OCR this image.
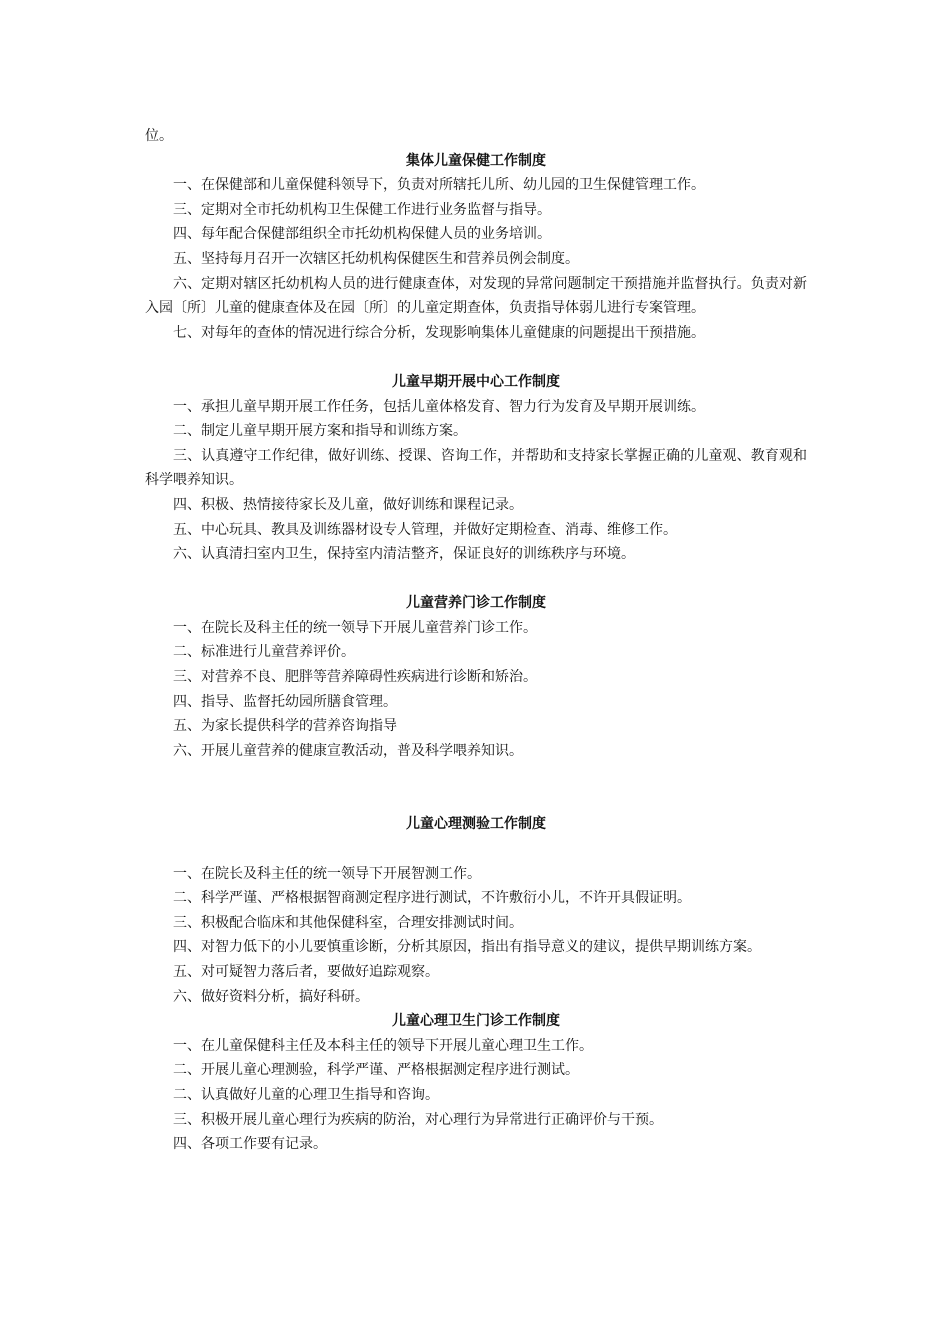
位。

集体儿童保健工作制度

一、在保健部和儿童保健科领导下，负责对所辖托儿所、幼儿园的卫生保健管理工作。

三、定期对全市托幼机构卫生保健工作进行业务监督与指导。

四、每年配合保健部组织全市托幼机构保健人员的业务培训。

五、坚持每月召开一次辖区托幼机构保健医生和营养员例会制度。

六、定期对辖区托幼机构人员的进行健康查体，对发现的异常问题制定干预措施并监督执行。负责对新入园〔所〕儿童的健康查体及在园〔所〕的儿童定期查体，负责指导体弱儿进行专案管理。

七、对每年的查体的情况进行综合分析，发现影响集体儿童健康的问题提出干预措施。

儿童早期开展中心工作制度

一、承担儿童早期开展工作任务，包括儿童体格发育、智力行为发育及早期开展训练。

二、制定儿童早期开展方案和指导和训练方案。

三、认真遵守工作纪律，做好训练、授课、咨询工作，并帮助和支持家长掌握正确的儿童观、教育观和科学喂养知识。

四、积极、热情接待家长及儿童，做好训练和课程记录。

五、中心玩具、教具及训练器材设专人管理，并做好定期检查、消毒、维修工作。

六、认真清扫室内卫生，保持室内清洁整齐，保证良好的训练秩序与环境。

儿童营养门诊工作制度

一、在院长及科主任的统一领导下开展儿童营养门诊工作。

二、标准进行儿童营养评价。

三、对营养不良、肥胖等营养障碍性疾病进行诊断和矫治。

四、指导、监督托幼园所膳食管理。

五、为家长提供科学的营养咨询指导

六、开展儿童营养的健康宣教活动，普及科学喂养知识。

儿童心理测验工作制度

一、在院长及科主任的统一领导下开展智测工作。

二、科学严谨、严格根据智商测定程序进行测试，不许敷衍小儿，不许开具假证明。

三、积极配合临床和其他保健科室，合理安排测试时间。

四、对智力低下的小儿要慎重诊断，分析其原因，指出有指导意义的建议，提供早期训练方案。

五、对可疑智力落后者，要做好追踪观察。

六、做好资料分析，搞好科研。

儿童心理卫生门诊工作制度

一、在儿童保健科主任及本科主任的领导下开展儿童心理卫生工作。

二、开展儿童心理测验，科学严谨、严格根据测定程序进行测试。

二、认真做好儿童的心理卫生指导和咨询。

三、积极开展儿童心理行为疾病的防治，对心理行为异常进行正确评价与干预。

四、各项工作要有记录。
